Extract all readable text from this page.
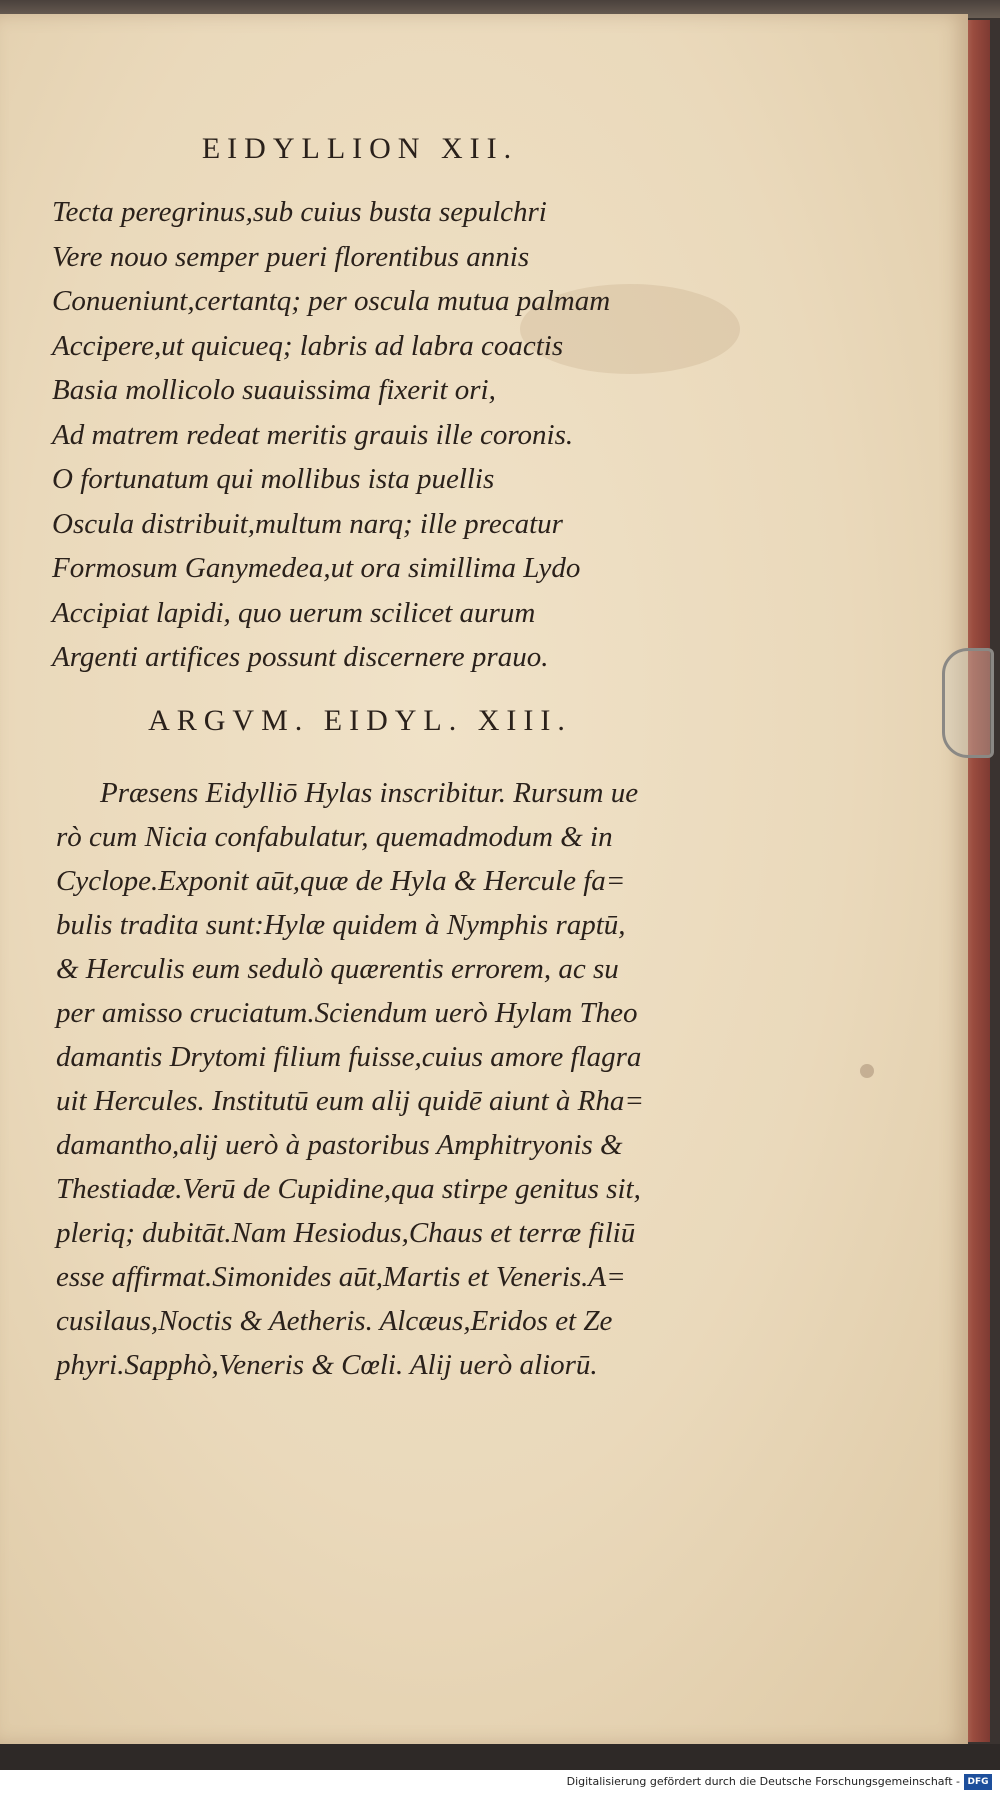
EIDYLLION XII.
Tecta peregrinus,sub cuius busta sepulchri
Vere nouo semper pueri florentibus annis
Conueniunt,certantq; per oscula mutua palmam
Accipere,ut quicueq; labris ad labra coactis
Basia mollicolo suauissima fixerit ori,
Ad matrem redeat meritis grauis ille coronis.
O fortunatum qui mollibus ista puellis
Oscula distribuit,multum narq; ille precatur
Formosum Ganymedea,ut ora simillima Lydo
Accipiat lapidi, quo uerum scilicet aurum
Argenti artifices possunt discernere prauo.
ARGVM. EIDYL. XIII.
Præsens Eidylliō Hylas inscribitur. Rursum ue
rò cum Nicia confabulatur, quemadmodum & in
Cyclope.Exponit aūt,quæ de Hyla & Hercule fa=
bulis tradita sunt:Hylæ quidem à Nymphis raptū,
& Herculis eum sedulò quærentis errorem, ac su
per amisso cruciatum.Sciendum uerò Hylam Theo
damantis Drytomi filium fuisse,cuius amore flagra
uit Hercules. Institutū eum alij quidē aiunt à Rha=
damantho,alij uerò à pastoribus Amphitryonis &
Thestiadæ.Verū de Cupidine,qua stirpe genitus sit,
pleriq; dubitāt.Nam Hesiodus,Chaus et terræ filiū
esse affirmat.Simonides aūt,Martis et Veneris.A=
cusilaus,Noctis & Aetheris. Alcæus,Eridos et Ze
phyri.Sapphò,Veneris & Cœli. Alij uerò aliorū.
Digitalisierung gefördert durch die Deutsche Forschungsgemeinschaft - DFG
